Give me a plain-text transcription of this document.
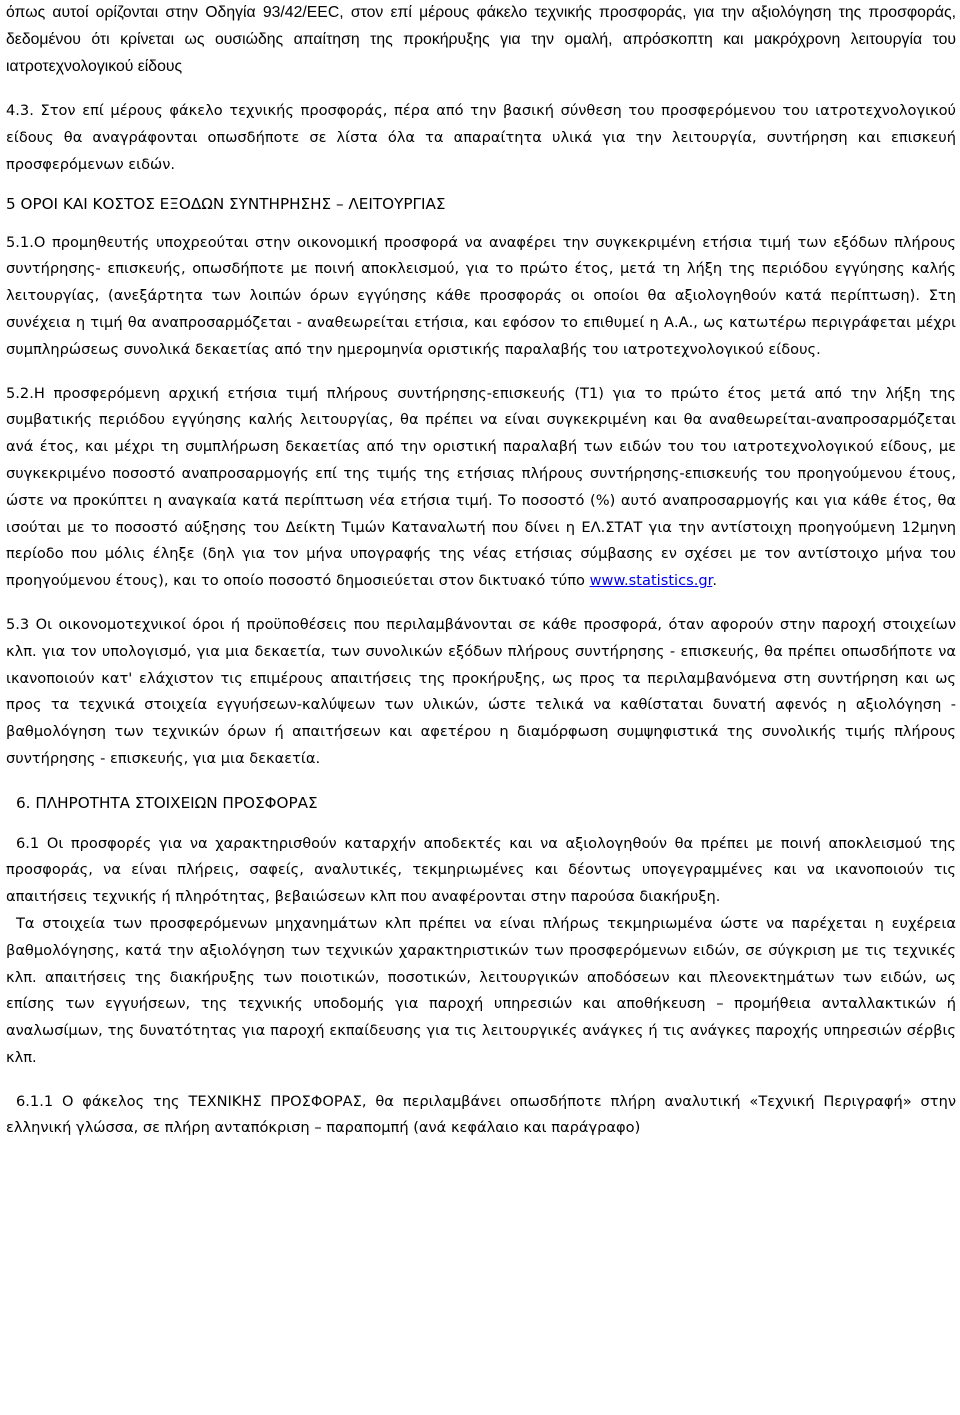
όπως αυτοί ορίζονται στην Οδηγία 93/42/ΕΕC, στον επί μέρους φάκελο τεχνικής προσφοράς, για την αξιολόγηση της προσφοράς, δεδομένου ότι κρίνεται ως ουσιώδης απαίτηση της προκήρυξης για την ομαλή, απρόσκοπτη και μακρόχρονη λειτουργία του ιατροτεχνολογικού είδους

4.3. Στον επί μέρους φάκελο τεχνικής προσφοράς, πέρα από την βασική σύνθεση του προσφερόμενου του ιατροτεχνολογικού είδους θα αναγράφονται οπωσδήποτε σε λίστα όλα τα απαραίτητα υλικά για την λειτουργία, συντήρηση και επισκευή προσφερόμενων ειδών.

5 ΟΡΟΙ ΚΑΙ ΚΟΣΤΟΣ ΕΞΟΔΩΝ ΣΥΝΤΗΡΗΣΗΣ – ΛΕΙΤΟΥΡΓΙΑΣ

5.1.Ο προμηθευτής υποχρεούται στην οικονομική προσφορά να αναφέρει την συγκεκριμένη ετήσια τιμή των εξόδων πλήρους συντήρησης- επισκευής, οπωσδήποτε με ποινή αποκλεισμού, για το πρώτο έτος, μετά τη λήξη της περιόδου εγγύησης καλής λειτουργίας, (ανεξάρτητα των λοιπών όρων εγγύησης κάθε προσφοράς οι οποίοι θα αξιολογηθούν κατά περίπτωση). Στη συνέχεια η τιμή θα αναπροσαρμόζεται - αναθεωρείται ετήσια, και εφόσον το επιθυμεί η Α.Α., ως κατωτέρω περιγράφεται μέχρι συμπληρώσεως συνολικά δεκαετίας από την ημερομηνία οριστικής παραλαβής του ιατροτεχνολογικού είδους.

5.2.Η προσφερόμενη αρχική ετήσια τιμή πλήρους συντήρησης-επισκευής (Τ1) για το πρώτο έτος μετά από την λήξη της συμβατικής περιόδου εγγύησης καλής λειτουργίας, θα πρέπει να είναι συγκεκριμένη και θα αναθεωρείται-αναπροσαρμόζεται ανά έτος, και μέχρι τη συμπλήρωση δεκαετίας από την οριστική παραλαβή των ειδών του του ιατροτεχνολογικού είδους, με συγκεκριμένο ποσοστό αναπροσαρμογής επί της τιμής της ετήσιας πλήρους συντήρησης-επισκευής του προηγούμενου έτους, ώστε να προκύπτει η αναγκαία κατά περίπτωση νέα ετήσια τιμή. Το ποσοστό (%) αυτό αναπροσαρμογής και για κάθε έτος, θα ισούται με το ποσοστό αύξησης του Δείκτη Τιμών Καταναλωτή που δίνει η ΕΛ.ΣΤΑΤ για την αντίστοιχη προηγούμενη 12μηνη περίοδο που μόλις έληξε (δηλ για τον μήνα υπογραφής της νέας ετήσιας σύμβασης εν σχέσει με τον αντίστοιχο μήνα του προηγούμενου έτους), και το οποίο ποσοστό δημοσιεύεται στον δικτυακό τύπο www.statistics.gr.

5.3 Οι οικονομοτεχνικοί όροι ή προϋποθέσεις που περιλαμβάνονται σε κάθε προσφορά, όταν αφορούν στην παροχή στοιχείων κλπ. για τον υπολογισμό, για μια δεκαετία, των συνολικών εξόδων πλήρους συντήρησης - επισκευής, θα πρέπει οπωσδήποτε να ικανοποιούν κατ' ελάχιστον τις επιμέρους απαιτήσεις της προκήρυξης, ως προς τα περιλαμβανόμενα στη συντήρηση και ως προς τα τεχνικά στοιχεία εγγυήσεων-καλύψεων των υλικών, ώστε τελικά να καθίσταται δυνατή αφενός η αξιολόγηση - βαθμολόγηση των τεχνικών όρων ή απαιτήσεων και αφετέρου η διαμόρφωση συμψηφιστικά της συνολικής τιμής πλήρους συντήρησης - επισκευής, για μια δεκαετία.

6. ΠΛΗΡΟΤΗΤΑ ΣΤΟΙΧΕΙΩΝ ΠΡΟΣΦΟΡΑΣ

6.1 Οι προσφορές για να χαρακτηρισθούν καταρχήν αποδεκτές και να αξιολογηθούν θα πρέπει με ποινή αποκλεισμού της προσφοράς, να είναι πλήρεις, σαφείς, αναλυτικές, τεκμηριωμένες και δέοντως υπογεγραμμένες και να ικανοποιούν τις απαιτήσεις τεχνικής ή πληρότητας, βεβαιώσεων κλπ που αναφέρονται στην παρούσα διακήρυξη.

Τα στοιχεία των προσφερόμενων μηχανημάτων κλπ πρέπει να είναι πλήρως τεκμηριωμένα ώστε να παρέχεται η ευχέρεια βαθμολόγησης, κατά την αξιολόγηση των τεχνικών χαρακτηριστικών των προσφερόμενων ειδών, σε σύγκριση με τις τεχνικές κλπ. απαιτήσεις της διακήρυξης των ποιοτικών, ποσοτικών, λειτουργικών αποδόσεων και πλεονεκτημάτων των ειδών, ως επίσης των εγγυήσεων, της τεχνικής υποδομής για παροχή υπηρεσιών και αποθήκευση – προμήθεια ανταλλακτικών ή αναλωσίμων, της δυνατότητας για παροχή εκπαίδευσης για τις λειτουργικές ανάγκες ή τις ανάγκες παροχής υπηρεσιών σέρβις κλπ.

6.1.1 Ο φάκελος της ΤΕΧΝΙΚΗΣ ΠΡΟΣΦΟΡΑΣ, θα περιλαμβάνει οπωσδήποτε πλήρη αναλυτική «Τεχνική Περιγραφή» στην ελληνική γλώσσα, σε πλήρη ανταπόκριση – παραπομπή (ανά κεφάλαιο και παράγραφο)
